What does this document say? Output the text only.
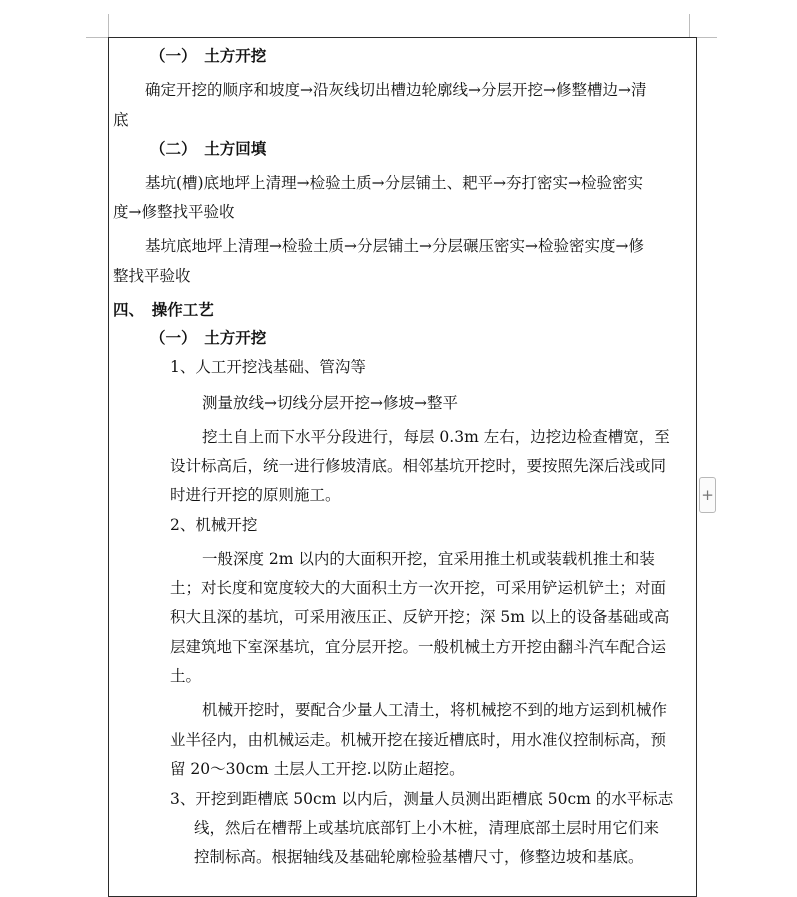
（一）　土方开挖
确定开挖的顺序和坡度→沿灰线切出槽边轮廓线→分层开挖→修整槽边→清
底
（二）　土方回填
基坑(槽)底地坪上清理→检验土质→分层铺土、耙平→夯打密实→检验密实
度→修整找平验收
基坑底地坪上清理→检验土质→分层铺土→分层碾压密实→检验密实度→修
整找平验收
四、　操作工艺
（一）　土方开挖
1、人工开挖浅基础、管沟等
测量放线→切线分层开挖→修坡→整平
挖土自上而下水平分段进行，每层 0.3m 左右，边挖边检查槽宽，至
设计标高后，统一进行修坡清底。相邻基坑开挖时，要按照先深后浅或同
时进行开挖的原则施工。
2、机械开挖
一般深度 2m 以内的大面积开挖，宜采用推土机或装载机推土和装
土；对长度和宽度较大的大面积土方一次开挖，可采用铲运机铲土；对面
积大且深的基坑，可采用液压正、反铲开挖；深 5m 以上的设备基础或高
层建筑地下室深基坑，宜分层开挖。一般机械土方开挖由翻斗汽车配合运
土。
机械开挖时，要配合少量人工清土，将机械挖不到的地方运到机械作
业半径内，由机械运走。机械开挖在接近槽底时，用水准仪控制标高，预
留 20～30cm 土层人工开挖.以防止超挖。
3、开挖到距槽底 50cm 以内后，测量人员测出距槽底 50cm 的水平标志
线，然后在槽帮上或基坑底部钉上小木桩，清理底部土层时用它们来
控制标高。根据轴线及基础轮廓检验基槽尺寸，修整边坡和基底。
+
